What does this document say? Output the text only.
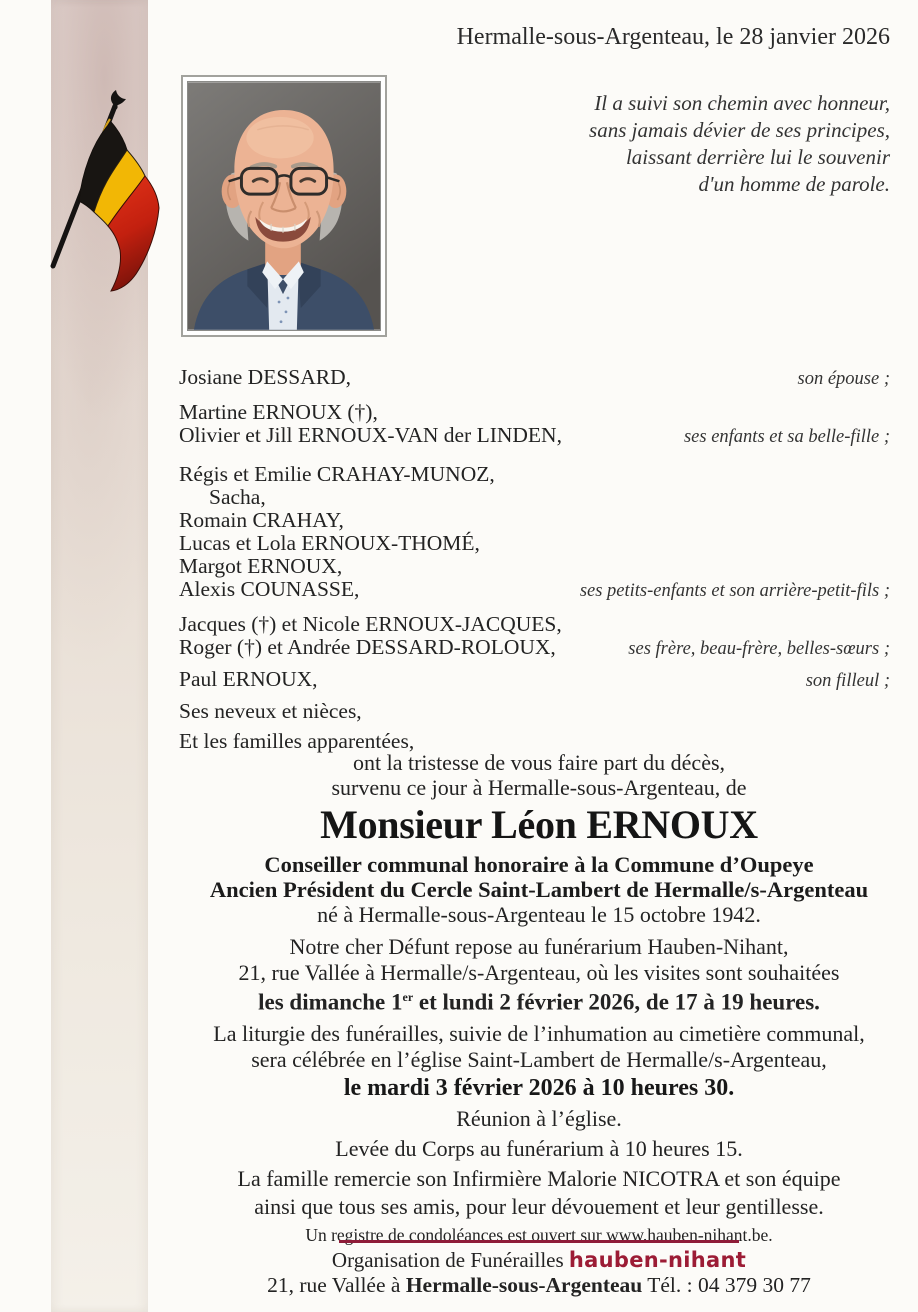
Hermalle-sous-Argenteau, le 28 janvier 2026
Il a suivi son chemin avec honneur,
sans jamais dévier de ses principes,
laissant derrière lui le souvenir
d'un homme de parole.
Josiane DESSARD,	son épouse ;
Martine ERNOUX (†),
Olivier et Jill ERNOUX-VAN der LINDEN,	ses enfants et sa belle-fille ;
Régis et Emilie CRAHAY-MUNOZ,
Sacha,
Romain CRAHAY,
Lucas et Lola ERNOUX-THOMÉ,
Margot ERNOUX,
Alexis COUNASSE,	ses petits-enfants et son arrière-petit-fils ;
Jacques (†) et Nicole ERNOUX-JACQUES,
Roger (†) et Andrée DESSARD-ROLOUX,	ses frère, beau-frère, belles-sœurs ;
Paul ERNOUX,	son filleul ;
Ses neveux et nièces,
Et les familles apparentées,
ont la tristesse de vous faire part du décès,
survenu ce jour à Hermalle-sous-Argenteau, de
Monsieur Léon ERNOUX
Conseiller communal honoraire à la Commune d’Oupeye
Ancien Président du Cercle Saint-Lambert de Hermalle/s-Argenteau
né à Hermalle-sous-Argenteau le 15 octobre 1942.
Notre cher Défunt repose au funérarium Hauben-Nihant,
21, rue Vallée à Hermalle/s-Argenteau, où les visites sont souhaitées
les dimanche 1er et lundi 2 février 2026, de 17 à 19 heures.
La liturgie des funérailles, suivie de l’inhumation au cimetière communal,
sera célébrée en l’église Saint-Lambert de Hermalle/s-Argenteau,
le mardi 3 février 2026 à 10 heures 30.
Réunion à l’église.
Levée du Corps au funérarium à 10 heures 15.
La famille remercie son Infirmière Malorie NICOTRA et son équipe
ainsi que tous ses amis, pour leur dévouement et leur gentillesse.
Un registre de condoléances est ouvert sur www.hauben-nihant.be.
Organisation de Funérailles hauben-nihant
21, rue Vallée à Hermalle-sous-Argenteau Tél. : 04 379 30 77
